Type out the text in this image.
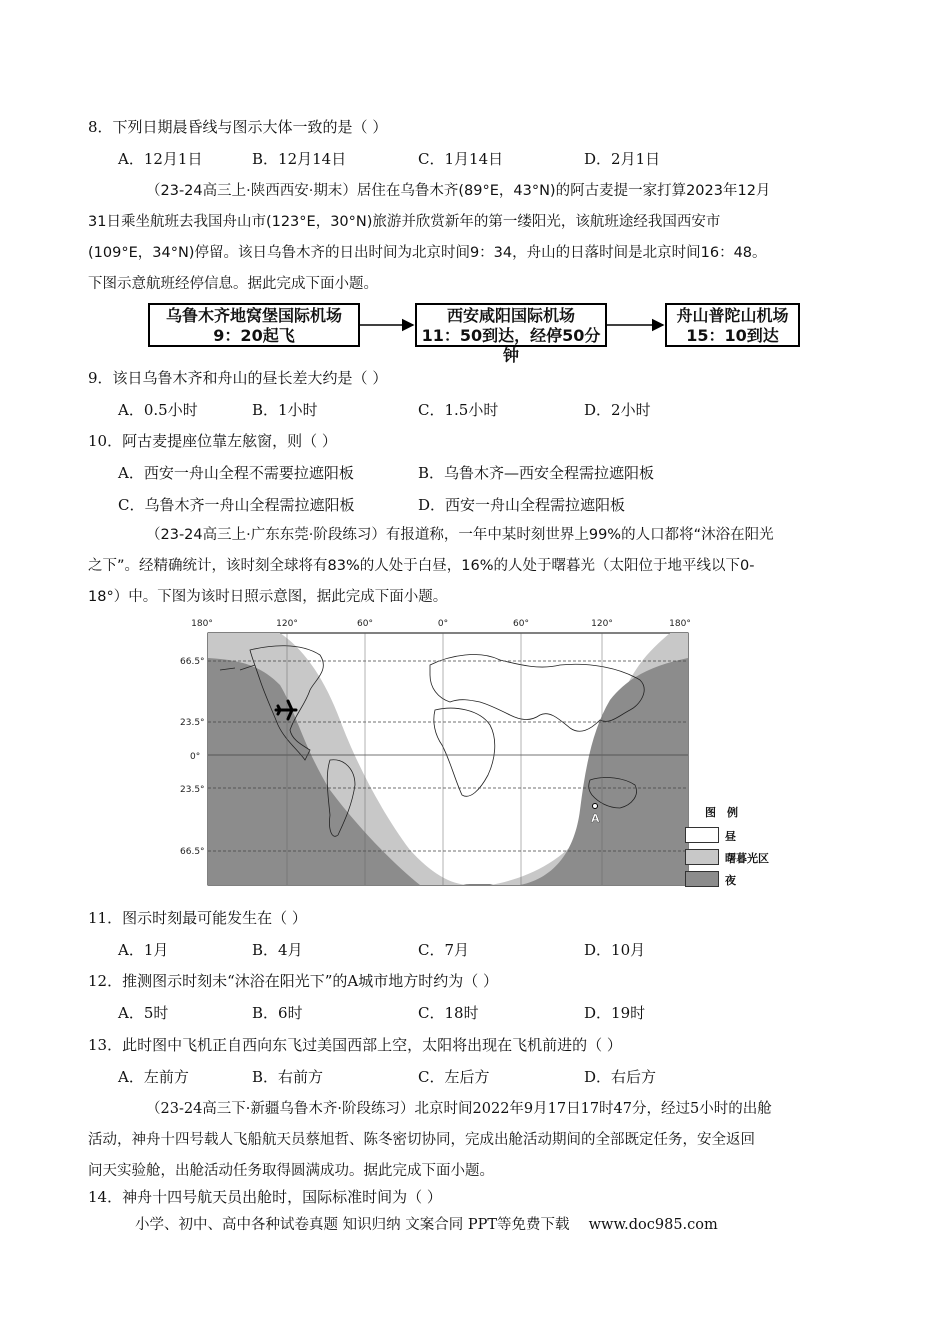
8．下列日期晨昏线与图示大体一致的是（ ）
A．12月1日	B．12月14日	C．1月14日	D．2月1日
（23-24高三上·陕西西安·期末）居住在乌鲁木齐(89°E，43°N)的阿古麦提一家打算2023年12月
31日乘坐航班去我国舟山市(123°E，30°N)旅游并欣赏新年的第一缕阳光，该航班途经我国西安市
(109°E，34°N)停留。该日乌鲁木齐的日出时间为北京时间9：34，舟山的日落时间是北京时间16：48。
下图示意航班经停信息。据此完成下面小题。
乌鲁木齐地窝堡国际机场
9：20起飞
西安咸阳国际机场
11：50到达，经停50分钟
舟山普陀山机场
15：10到达
9．该日乌鲁木齐和舟山的昼长差大约是（ ）
A．0.5小时	B．1小时	C．1.5小时	D．2小时
10．阿古麦提座位靠左舷窗，则（ ）
A．西安一舟山全程不需要拉遮阳板	B．乌鲁木齐—西安全程需拉遮阳板
C．乌鲁木齐一舟山全程需拉遮阳板	D．西安一舟山全程需拉遮阳板
（23-24高三上·广东东莞·阶段练习）有报道称，一年中某时刻世界上99%的人口都将“沐浴在阳光
之下”。经精确统计，该时刻全球将有83%的人处于白昼，16%的人处于曙暮光（太阳位于地平线以下0-
18°）中。下图为该时日照示意图，据此完成下面小题。
180°	120°	60°	0°	60°	120°	180°
66.5°
23.5°
0°
23.5°
66.5°
A	图　例
昼
曙暮光区
夜
11．图示时刻最可能发生在（ ）
A．1月	B．4月	C．7月	D．10月
12．推测图示时刻未“沐浴在阳光下”的A城市地方时约为（ ）
A．5时	B．6时	C．18时	D．19时
13．此时图中飞机正自西向东飞过美国西部上空，太阳将出现在飞机前进的（ ）
A．左前方	B．右前方	C．左后方	D．右后方
（23-24高三下·新疆乌鲁木齐·阶段练习）北京时间2022年9月17日17时47分，经过5小时的出舱
活动，神舟十四号载人飞船航天员蔡旭哲、陈冬密切协同，完成出舱活动期间的全部既定任务，安全返回
问天实验舱，出舱活动任务取得圆满成功。据此完成下面小题。
14．神舟十四号航天员出舱时，国际标准时间为（ ）
小学、初中、高中各种试卷真题 知识归纳 文案合同 PPT等免费下载　 www.doc985.com
